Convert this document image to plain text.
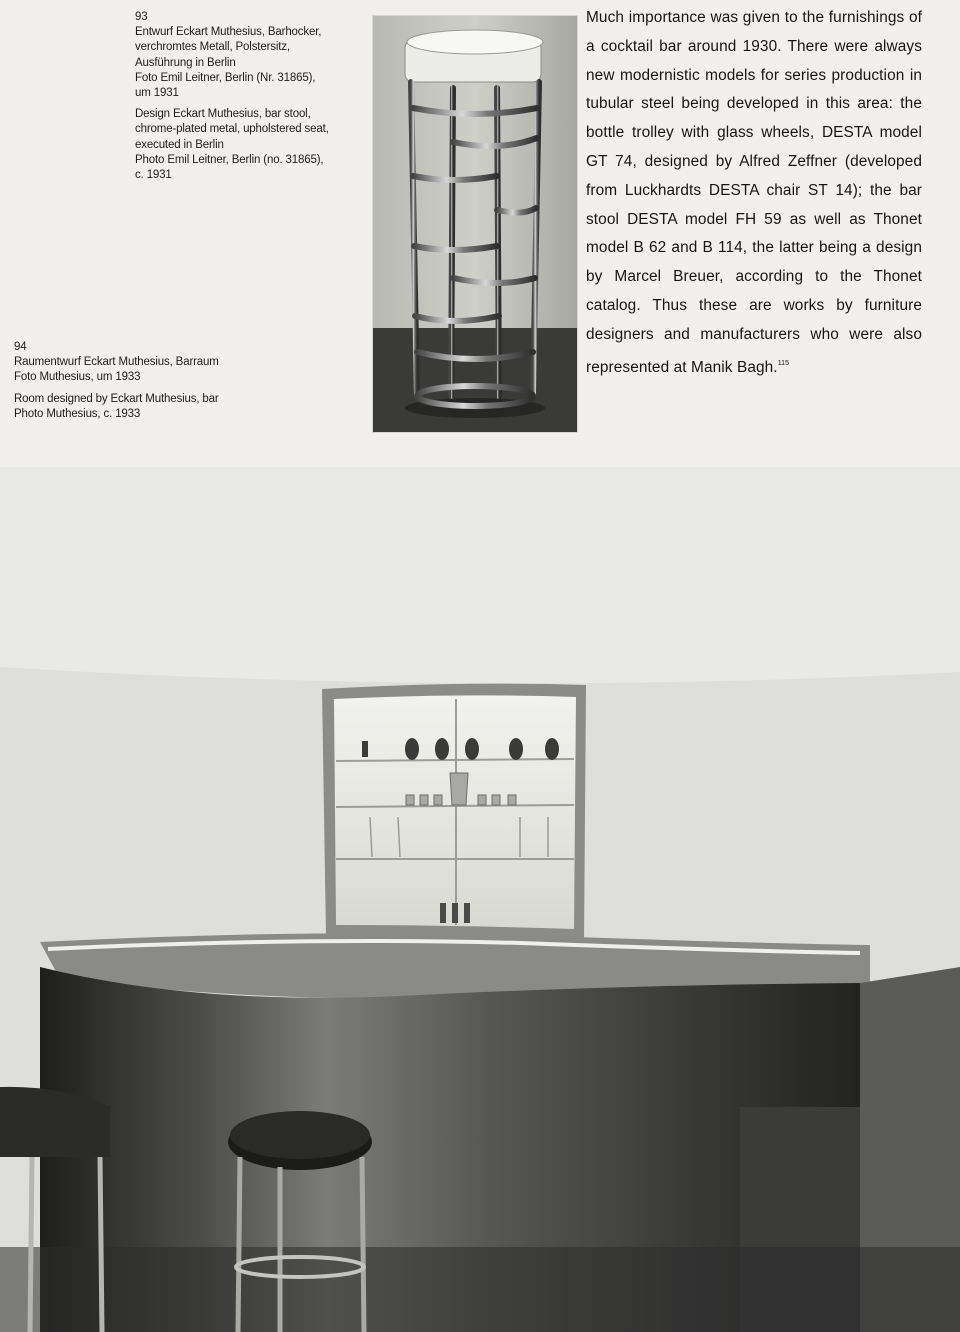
93

Entwurf Eckart Muthesius, Barhocker,
verchromtes Metall, Polstersitz,
Ausführung in Berlin
Foto Emil Leitner, Berlin (Nr. 31865),
um 1931

Design Eckart Muthesius, bar stool,
chrome-plated metal, upholstered seat,
executed in Berlin
Photo Emil Leitner, Berlin (no. 31865),
c. 1931

94

Raumentwurf Eckart Muthesius, Barraum
Foto Muthesius, um 1933

Room designed by Eckart Muthesius, bar
Photo Muthesius, c. 1933

Much importance was given to the furnishings of a cocktail bar around 1930. There were always new modernistic models for series production in tubular steel being developed in this area: the bottle trolley with glass wheels, DESTA model GT 74, designed by Alfred Zeffner (developed from Luckhardts DESTA chair ST 14); the bar stool DESTA model FH 59 as well as Thonet model B 62 and B 114, the latter being a design by Marcel Breuer, according to the Thonet catalog. Thus these are works by furniture designers and manufacturers who were also represented at Manik Bagh.$^{115}$
